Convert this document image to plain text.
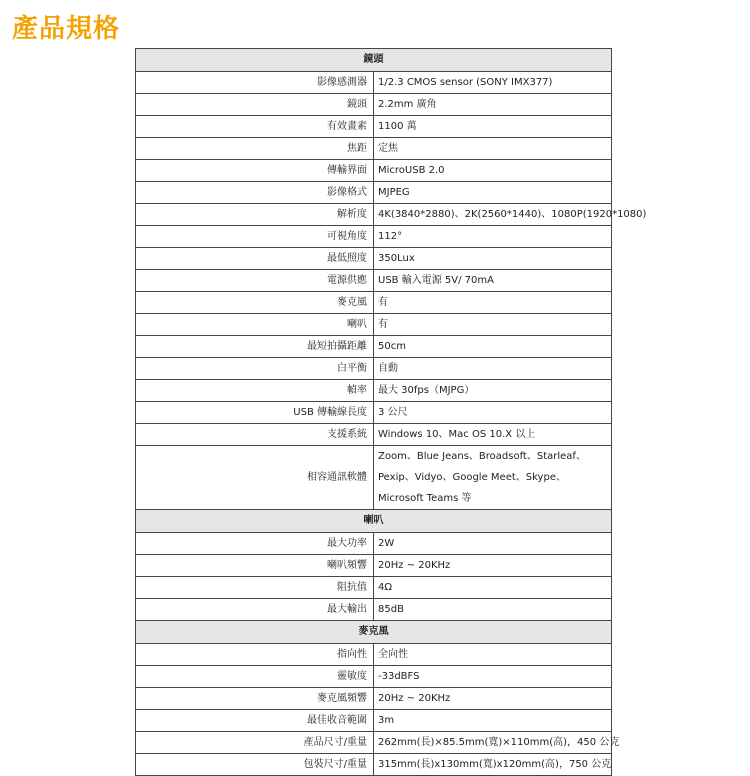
產品規格
鏡頭	
影像感測器	1/2.3 CMOS sensor (SONY IMX377)
鏡頭	2.2mm 廣角
有效畫素	1100 萬
焦距	定焦
傳輸界面	MicroUSB 2.0
影像格式	MJPEG
解析度	4K(3840*2880)、2K(2560*1440)、1080P(1920*1080)
可視角度	112°
最低照度	350Lux
電源供應	USB 輸入電源 5V/ 70mA
麥克風	有
喇叭	有
最短拍攝距離	50cm
白平衡	自動
幀率	最大 30fps（MJPG）
USB 傳輸線長度	3 公尺
支援系統	Windows 10、Mac OS 10.X 以上
相容通訊軟體	Zoom、Blue Jeans、Broadsoft、Starleaf、Pexip、Vidyo、Google Meet、Skype、Microsoft Teams 等
喇叭	
最大功率	2W
喇叭頻響	20Hz ~ 20KHz
阻抗值	4Ω
最大輸出	85dB
麥克風	
指向性	全向性
靈敏度	-33dBFS
麥克風頻響	20Hz ~ 20KHz
最佳收音範圍	3m
產品尺寸/重量	262mm(長)×85.5mm(寬)×110mm(高)，450 公克
包裝尺寸/重量	315mm(長)x130mm(寬)x120mm(高)，750 公克
